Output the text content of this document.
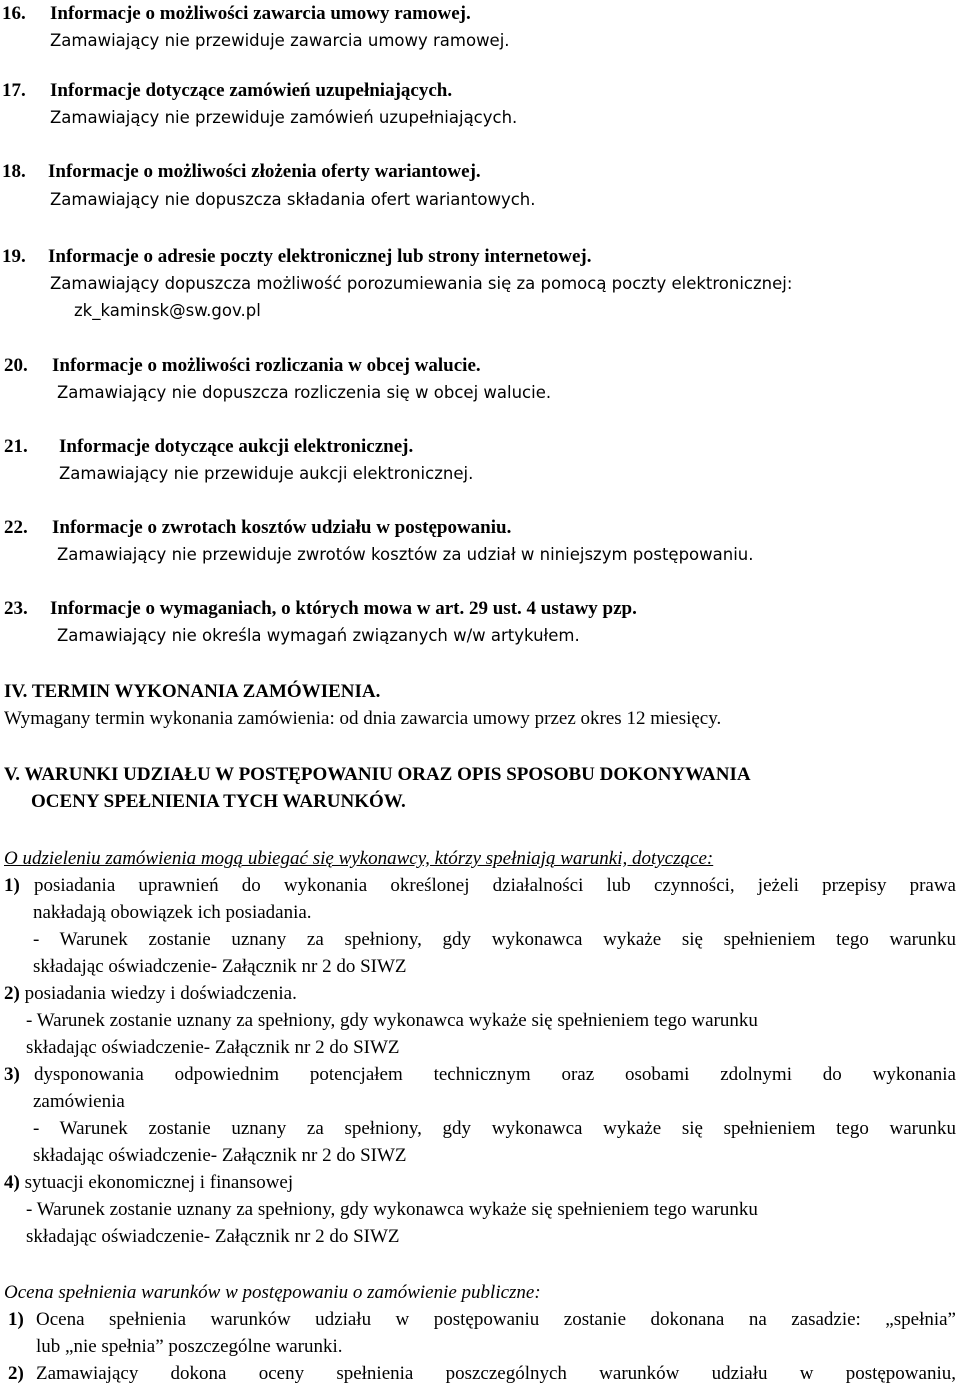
16. Informacje o możliwości zawarcia umowy ramowej.
Zamawiający nie przewiduje zawarcia umowy ramowej.
17. Informacje dotyczące zamówień uzupełniających.
Zamawiający nie przewiduje zamówień uzupełniających.
18. Informacje o możliwości złożenia oferty wariantowej.
Zamawiający nie dopuszcza składania ofert wariantowych.
19. Informacje o adresie poczty elektronicznej lub strony internetowej.
Zamawiający dopuszcza możliwość porozumiewania się za pomocą poczty elektronicznej:
zk_kaminsk@sw.gov.pl
20. Informacje o możliwości rozliczania w obcej walucie.
Zamawiający nie dopuszcza rozliczenia się w obcej walucie.
21. Informacje dotyczące aukcji elektronicznej.
Zamawiający nie przewiduje aukcji elektronicznej.
22. Informacje o zwrotach kosztów udziału w postępowaniu.
Zamawiający nie przewiduje zwrotów kosztów za udział w niniejszym postępowaniu.
23. Informacje o wymaganiach, o których mowa w art. 29 ust. 4 ustawy pzp.
Zamawiający nie określa wymagań związanych w/w artykułem.
IV. TERMIN WYKONANIA ZAMÓWIENIA.
Wymagany termin wykonania zamówienia: od dnia zawarcia umowy przez okres 12 miesięcy.
V. WARUNKI UDZIAŁU W POSTĘPOWANIU ORAZ OPIS SPOSOBU DOKONYWANIA
OCENY SPEŁNIENIA TYCH WARUNKÓW.
O udzieleniu zamówienia mogą ubiegać się wykonawcy, którzy spełniają warunki, dotyczące:
1) posiadania uprawnień do wykonania określonej działalności lub czynności, jeżeli przepisy prawa
nakładają obowiązek ich posiadania.
- Warunek zostanie uznany za spełniony, gdy wykonawca wykaże się spełnieniem tego warunku
składając oświadczenie- Załącznik nr 2 do SIWZ
2) posiadania wiedzy i doświadczenia.
- Warunek zostanie uznany za spełniony, gdy wykonawca wykaże się spełnieniem tego warunku
składając oświadczenie- Załącznik nr 2 do SIWZ
3) dysponowania odpowiednim potencjałem technicznym oraz osobami zdolnymi do wykonania
zamówienia
- Warunek zostanie uznany za spełniony, gdy wykonawca wykaże się spełnieniem tego warunku
składając oświadczenie- Załącznik nr 2 do SIWZ
4) sytuacji ekonomicznej i finansowej
- Warunek zostanie uznany za spełniony, gdy wykonawca wykaże się spełnieniem tego warunku
składając oświadczenie- Załącznik nr 2 do SIWZ
Ocena spełnienia warunków w postępowaniu o zamówienie publiczne:
1) Ocena spełnienia warunków udziału w postępowaniu zostanie dokonana na zasadzie: „spełnia”
lub „nie spełnia” poszczególne warunki.
2) Zamawiający dokona oceny spełnienia poszczególnych warunków udziału w postępowaniu,
